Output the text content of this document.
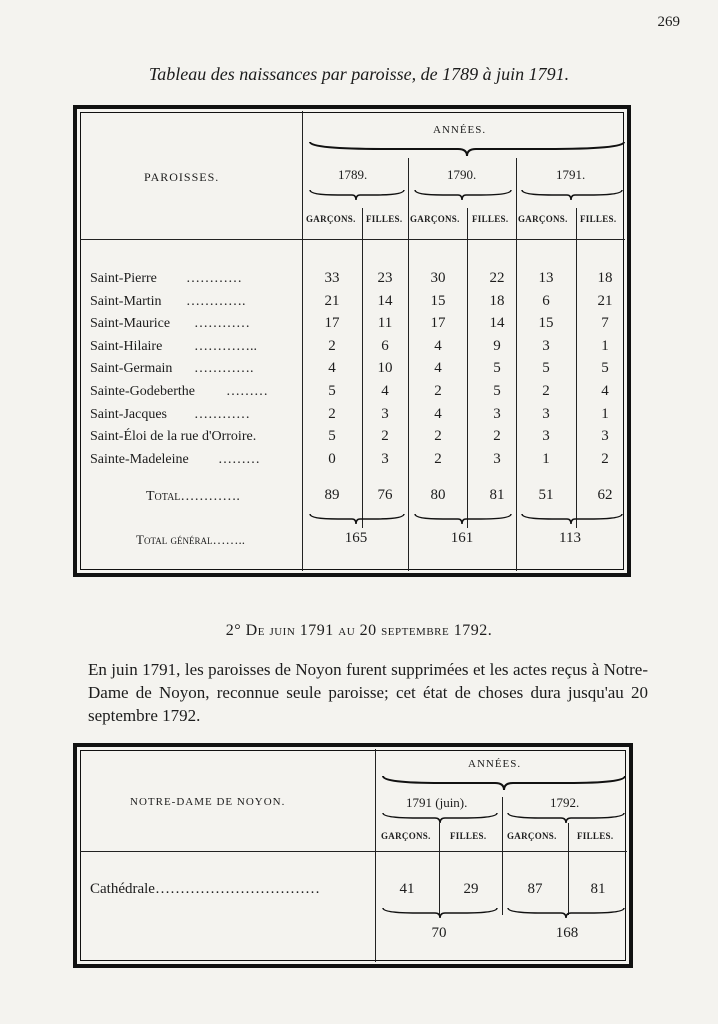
269
Tableau des naissances par paroisse, de 1789 à juin 1791.
ANNÉES.
PAROISSES.	1789.	1790.	1791.
GARÇONS. FILLES. GARÇONS. FILLES. GARÇONS. FILLES.
Saint-Pierre …………	33	23	30	22	13	18
Saint-Martin ………….	21	14	15	18	6	21
Saint-Maurice …………	17	11	17	14	15	7
Saint-Hilaire …………..	2	6	4	9	3	1
Saint-Germain ………….	4	10	4	5	5	5
Sainte-Godeberthe ………	5	4	2	5	2	4
Saint-Jacques …………	2	3	4	3	3	1
Saint-Éloi de la rue d'Orroire.	5	2	2	2	3	3
Sainte-Madeleine ………	0	3	2	3	1	2
Total………….	89	76	80	81	51	62
Total général……..	165	161	113
2° De juin 1791 au 20 septembre 1792.
En juin 1791, les paroisses de Noyon furent supprimées et les actes reçus à Notre-Dame de Noyon, reconnue seule paroisse; cet état de choses dura jusqu'au 20 septembre 1792.
ANNÉES.
NOTRE-DAME DE NOYON.	1791 (juin).	1792.
GARÇONS. FILLES. GARÇONS. FILLES.
Cathédrale……………………………	41	29	87	81
70	168
